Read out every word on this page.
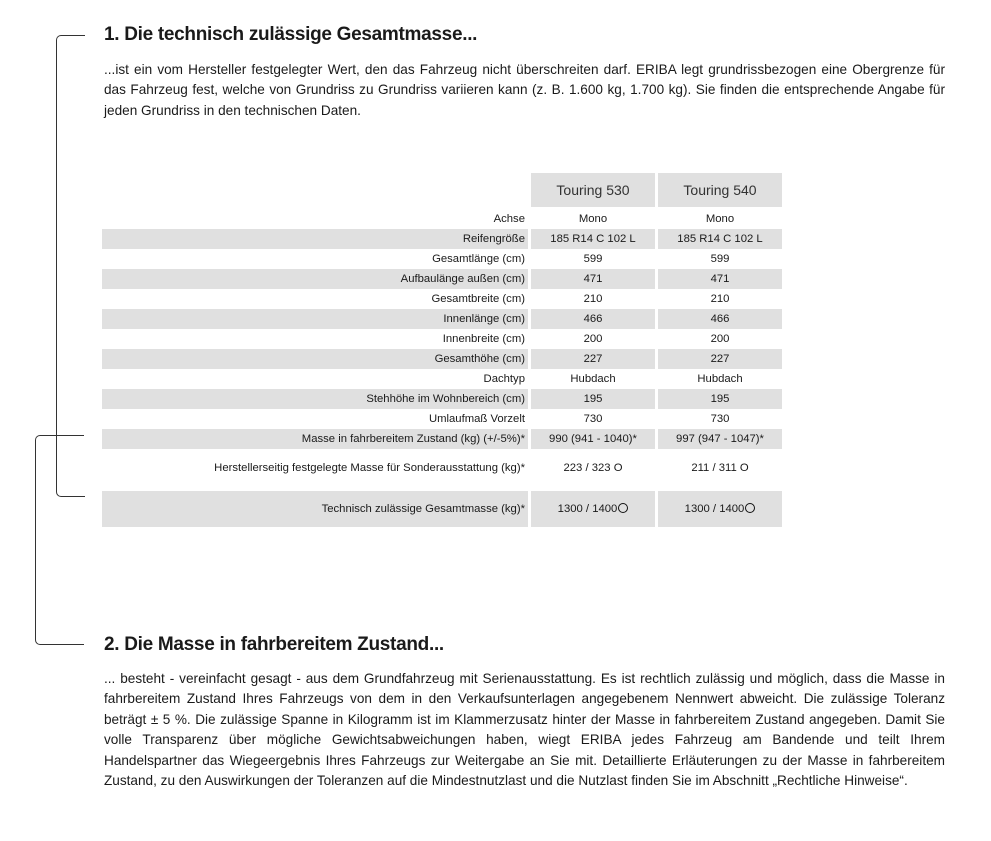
1. Die technisch zulässige Gesamtmasse...

...ist ein vom Hersteller festgelegter Wert, den das Fahrzeug nicht überschreiten darf. ERIBA legt grundrissbezogen eine Obergrenze für das Fahrzeug fest, welche von Grundriss zu Grundriss variieren kann (z. B. 1.600 kg, 1.700 kg). Sie finden die entsprechende Angabe für jeden Grundriss in den technischen Daten.

	Touring 530	Touring 540

Achse	Mono	Mono
Reifengröße	185 R14 C 102 L	185 R14 C 102 L
Gesamtlänge (cm)	599	599
Aufbaulänge außen (cm)	471	471
Gesamtbreite (cm)	210	210
Innenlänge (cm)	466	466
Innenbreite (cm)	200	200
Gesamthöhe (cm)	227	227
Dachtyp	Hubdach	Hubdach
Stehhöhe im Wohnbereich (cm)	195	195
Umlaufmaß Vorzelt	730	730
Masse in fahrbereitem Zustand (kg) (+/-5%)*	990 (941 - 1040)*	997 (947 - 1047)*
Herstellerseitig festgelegte Masse für Sonderausstattung (kg)*	223 / 323 O	211 / 311 O

Technisch zulässige Gesamtmasse (kg)*	1300 / 1400	1300 / 1400
2. Die Masse in fahrbereitem Zustand...

... besteht - vereinfacht gesagt - aus dem Grundfahrzeug mit Serienausstattung. Es ist rechtlich zulässig und möglich, dass die Masse in fahrbereitem Zustand Ihres Fahrzeugs von dem in den Verkaufsunterlagen angegebenem Nennwert abweicht. Die zulässige Toleranz beträgt ± 5 %. Die zulässige Spanne in Kilogramm ist im Klammerzusatz hinter der Masse in fahrbereitem Zustand angegeben. Damit Sie volle Transparenz über mögliche Gewichtsabweichungen haben, wiegt ERIBA jedes Fahrzeug am Bandende und teilt Ihrem Handelspartner das Wiegeergebnis Ihres Fahrzeugs zur Weitergabe an Sie mit. Detaillierte Erläuterungen zu der Masse in fahrbereitem Zustand, zu den Auswirkungen der Toleranzen auf die Mindestnutzlast und die Nutzlast finden Sie im Abschnitt „Rechtliche Hinweise“.
